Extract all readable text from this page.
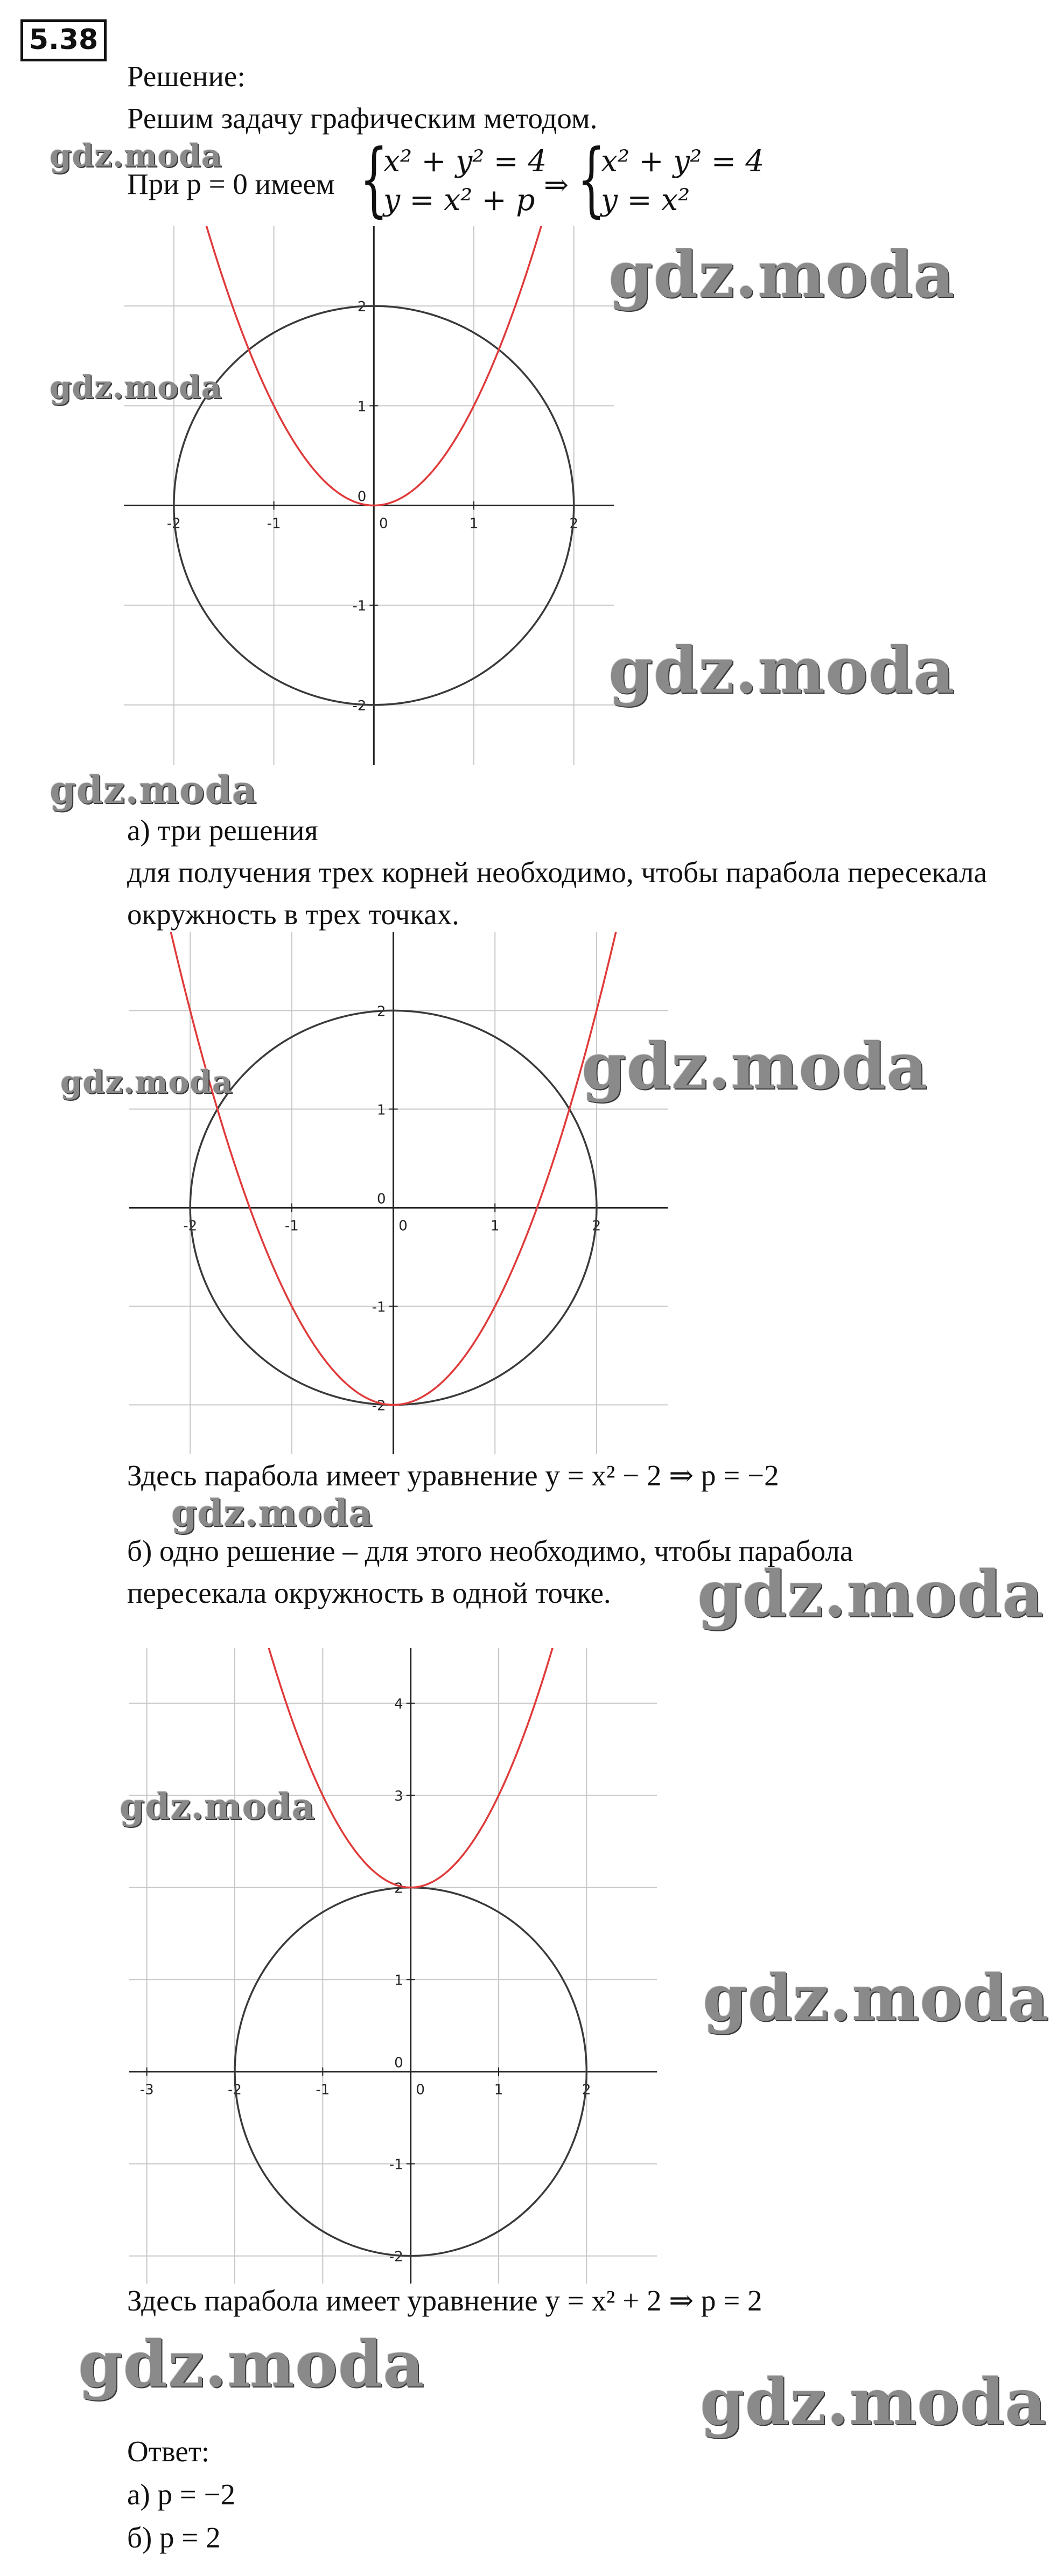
5.38
Решение:
Решим задачу графическим методом.
При p = 0 имеем {
x² + y² = 4
y = x² + p ⇒ {
x² + y² = 4
y = x²
-2	-1	1	2
-2
-1
0
1
2
0
а) три решения
для получения трех корней необходимо, чтобы парабола пересекала
окружность в трех точках.
-2	-1	1	2
-2
-1
0
1
2
0
Здесь парабола имеет уравнение y = x² − 2 ⇒ p = −2
б) одно решение – для этого необходимо, чтобы парабола
пересекала окружность в одной точке.
-3	-2	-1	1	2
-2
-1
0
1
2
3
4
0
Здесь парабола имеет уравнение y = x² + 2 ⇒ p = 2
Ответ:
а) p = −2
б) p = 2
gdz.moda
gdz.moda
gdz.moda
gdz.moda
gdz.moda
gdz.moda	gdz.moda
gdz.moda
gdz.moda
gdz.moda
gdz.moda
gdz.moda
gdz.moda
